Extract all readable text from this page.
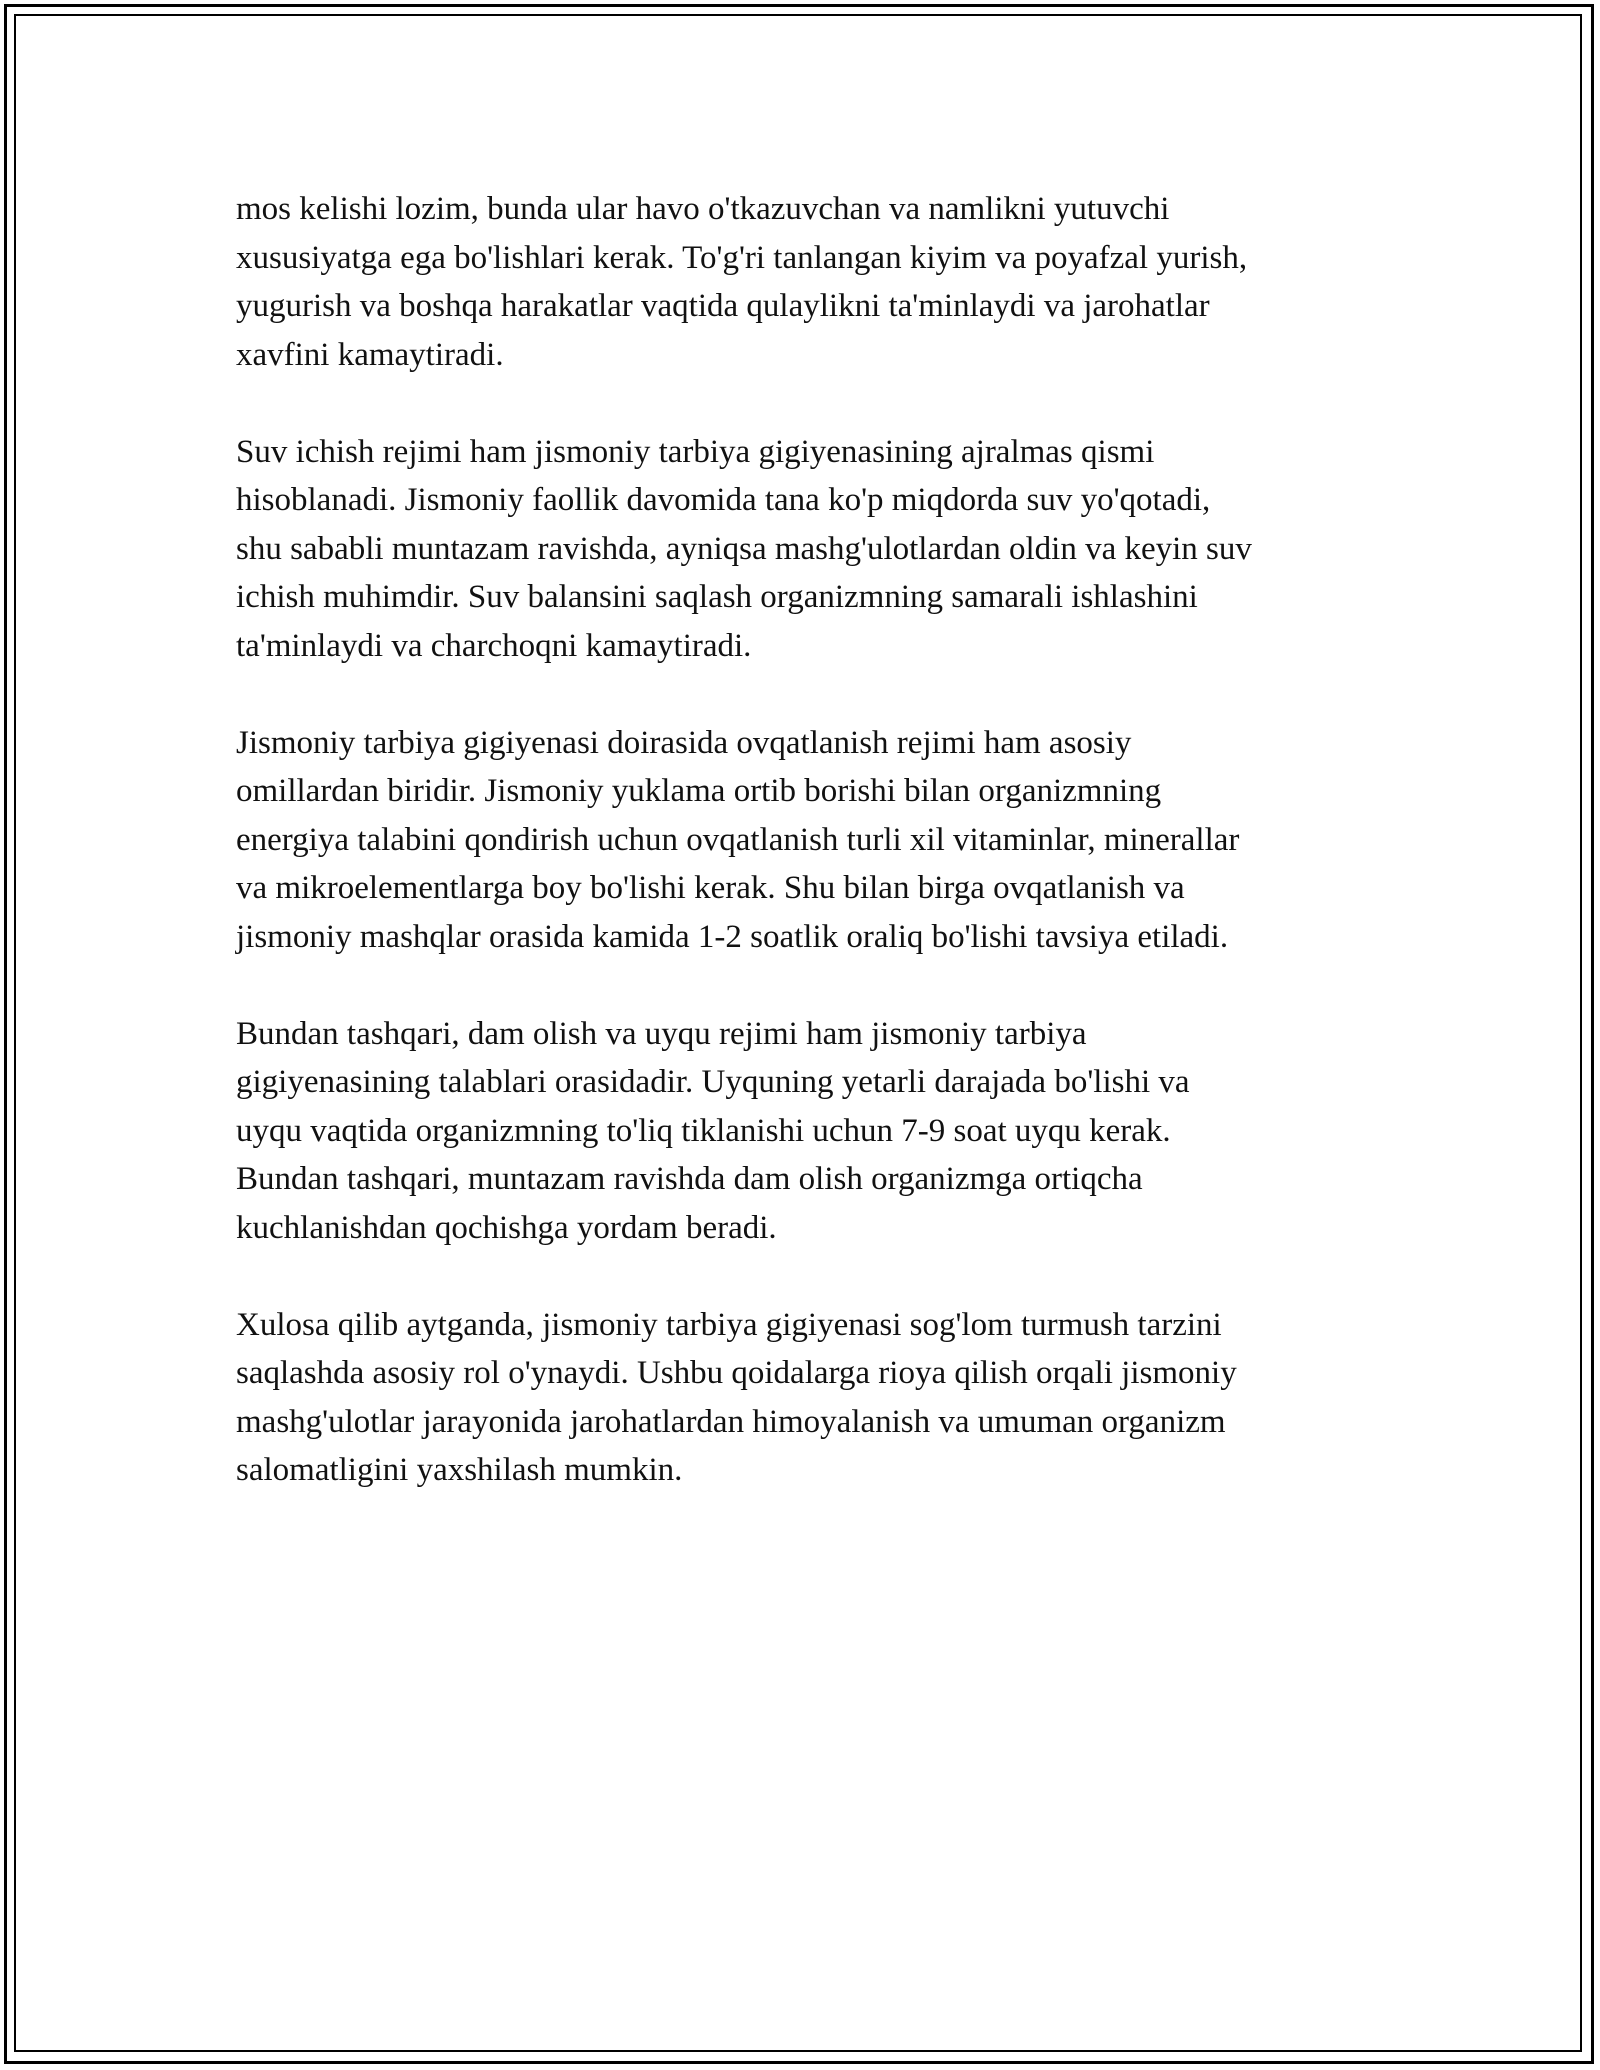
mos kelishi lozim, bunda ular havo o'tkazuvchan va namlikni yutuvchi
xususiyatga ega bo'lishlari kerak. To'g'ri tanlangan kiyim va poyafzal yurish,
yugurish va boshqa harakatlar vaqtida qulaylikni ta'minlaydi va jarohatlar
xavfini kamaytiradi.

Suv ichish rejimi ham jismoniy tarbiya gigiyenasining ajralmas qismi
hisoblanadi. Jismoniy faollik davomida tana ko'p miqdorda suv yo'qotadi,
shu sababli muntazam ravishda, ayniqsa mashg'ulotlardan oldin va keyin suv
ichish muhimdir. Suv balansini saqlash organizmning samarali ishlashini
ta'minlaydi va charchoqni kamaytiradi.

Jismoniy tarbiya gigiyenasi doirasida ovqatlanish rejimi ham asosiy
omillardan biridir. Jismoniy yuklama ortib borishi bilan organizmning
energiya talabini qondirish uchun ovqatlanish turli xil vitaminlar, minerallar
va mikroelementlarga boy bo'lishi kerak. Shu bilan birga ovqatlanish va
jismoniy mashqlar orasida kamida 1-2 soatlik oraliq bo'lishi tavsiya etiladi.

Bundan tashqari, dam olish va uyqu rejimi ham jismoniy tarbiya
gigiyenasining talablari orasidadir. Uyquning yetarli darajada bo'lishi va
uyqu vaqtida organizmning to'liq tiklanishi uchun 7-9 soat uyqu kerak.
Bundan tashqari, muntazam ravishda dam olish organizmga ortiqcha
kuchlanishdan qochishga yordam beradi.

Xulosa qilib aytganda, jismoniy tarbiya gigiyenasi sog'lom turmush tarzini
saqlashda asosiy rol o'ynaydi. Ushbu qoidalarga rioya qilish orqali jismoniy
mashg'ulotlar jarayonida jarohatlardan himoyalanish va umuman organizm
salomatligini yaxshilash mumkin.
